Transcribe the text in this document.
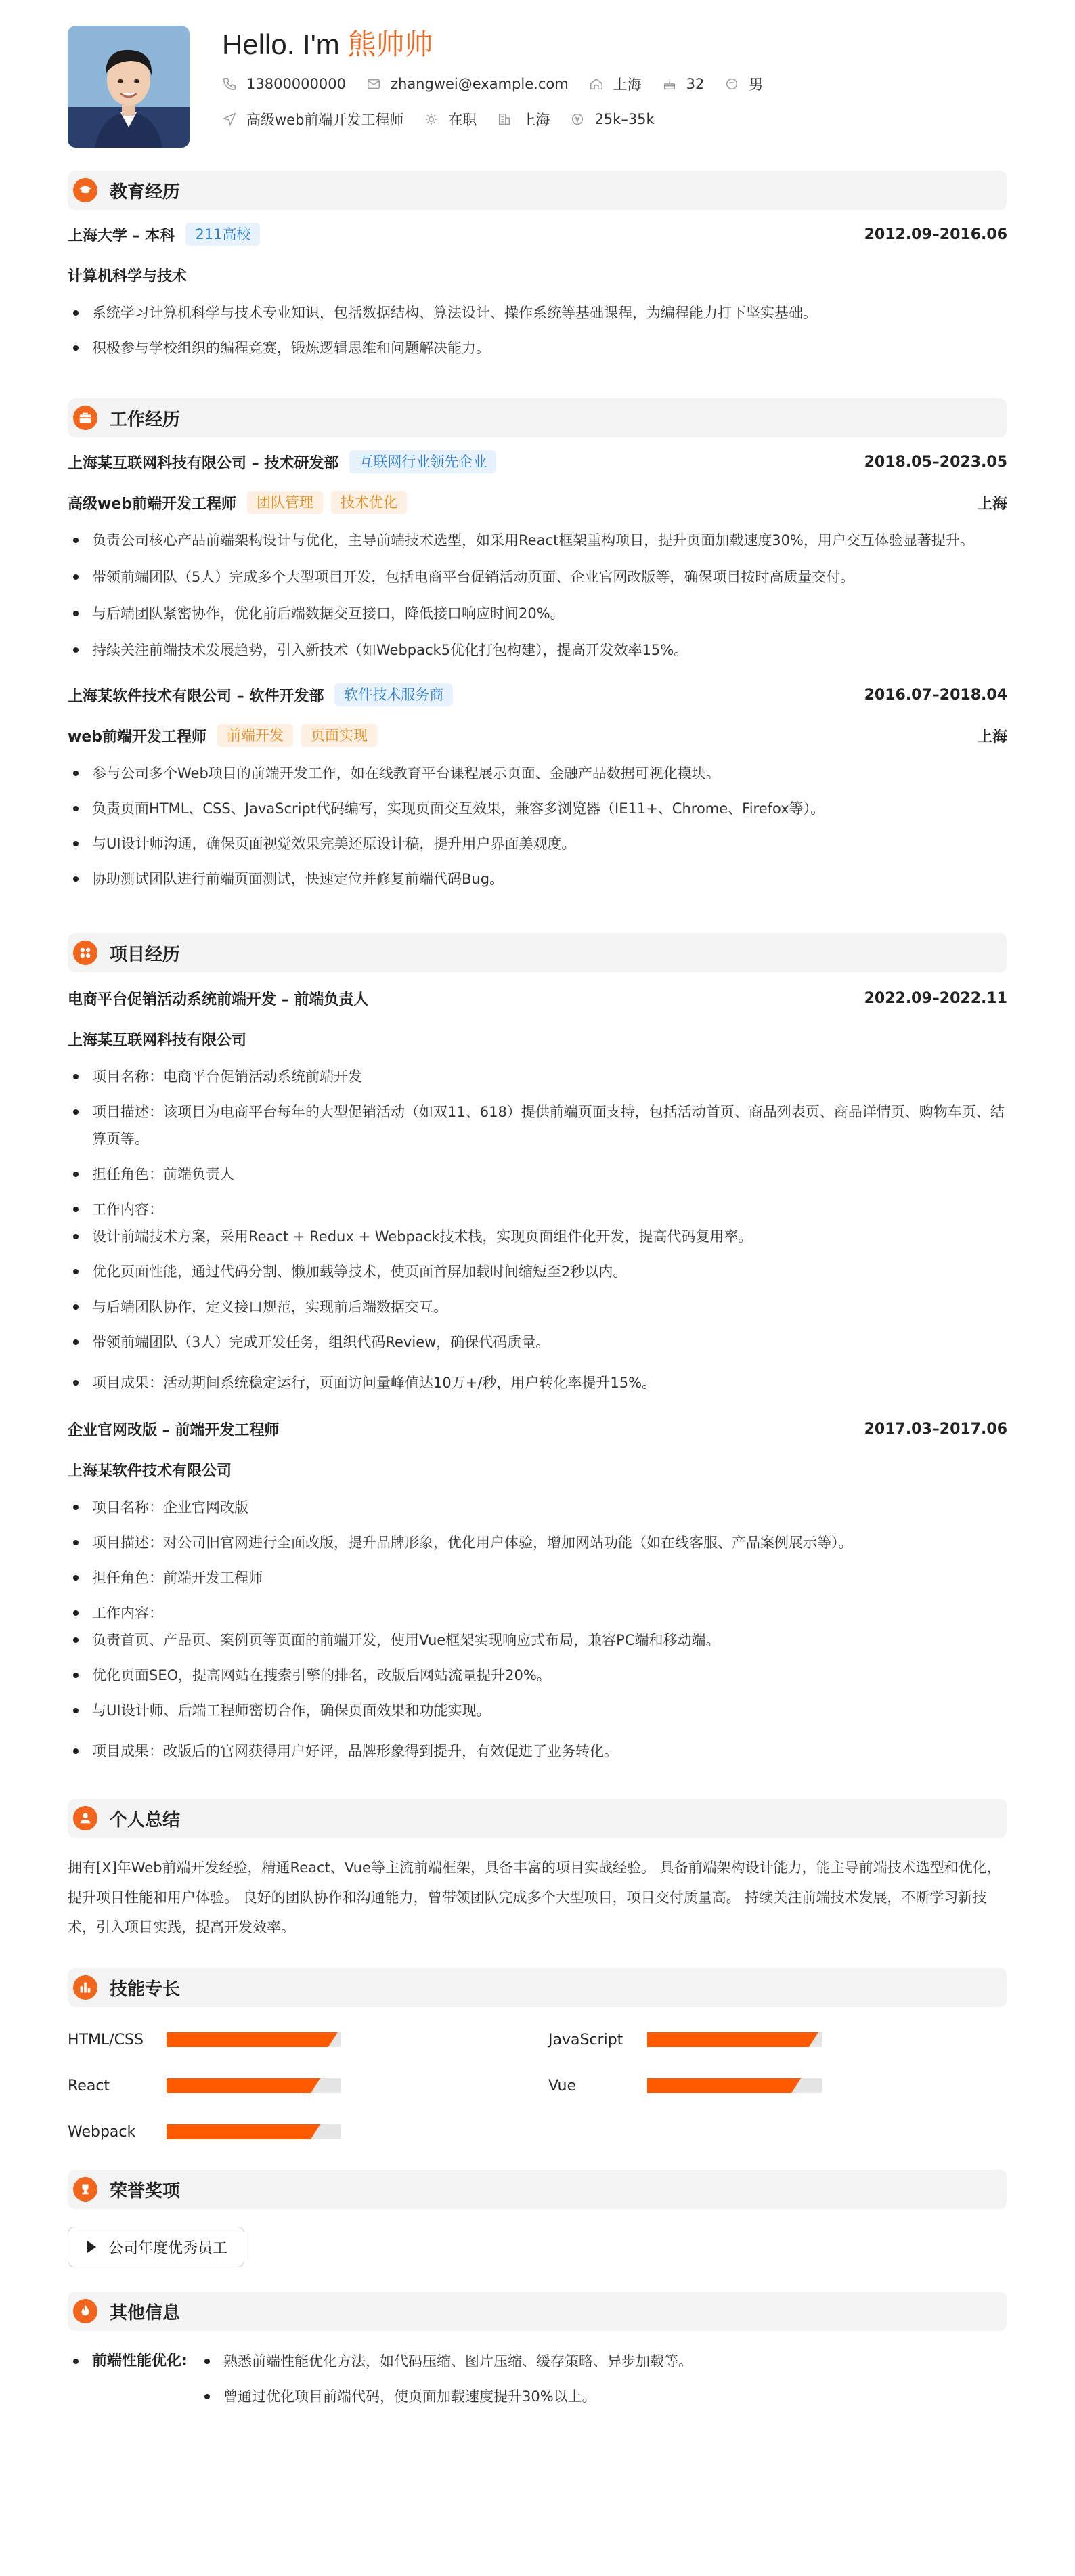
Hello. I'm 熊帅帅
13800000000	zhangwei@example.com	上海	32	男
高级web前端开发工程师	在职	上海	25k–35k
教育经历
上海大学 – 本科	211高校	2012.09–2016.06
计算机科学与技术
系统学习计算机科学与技术专业知识，包括数据结构、算法设计、操作系统等基础课程，为编程能力打下坚实基础。
积极参与学校组织的编程竞赛，锻炼逻辑思维和问题解决能力。
工作经历
上海某互联网科技有限公司 – 技术研发部	互联网行业领先企业	2018.05–2023.05
高级web前端开发工程师	团队管理	技术优化	上海
负责公司核心产品前端架构设计与优化，主导前端技术选型，如采用React框架重构项目，提升页面加载速度30%，用户交互体验显著提升。
带领前端团队（5人）完成多个大型项目开发，包括电商平台促销活动页面、企业官网改版等，确保项目按时高质量交付。
与后端团队紧密协作，优化前后端数据交互接口，降低接口响应时间20%。
持续关注前端技术发展趋势，引入新技术（如Webpack5优化打包构建），提高开发效率15%。
上海某软件技术有限公司 – 软件开发部	软件技术服务商	2016.07–2018.04
web前端开发工程师	前端开发	页面实现	上海
参与公司多个Web项目的前端开发工作，如在线教育平台课程展示页面、金融产品数据可视化模块。
负责页面HTML、CSS、JavaScript代码编写，实现页面交互效果，兼容多浏览器（IE11+、Chrome、Firefox等）。
与UI设计师沟通，确保页面视觉效果完美还原设计稿，提升用户界面美观度。
协助测试团队进行前端页面测试，快速定位并修复前端代码Bug。
项目经历
电商平台促销活动系统前端开发 – 前端负责人	2022.09–2022.11
上海某互联网科技有限公司
项目名称：电商平台促销活动系统前端开发
项目描述：该项目为电商平台每年的大型促销活动（如双11、618）提供前端页面支持，包括活动首页、商品列表页、商品详情页、购物车页、结算页等。
担任角色：前端负责人
工作内容：
设计前端技术方案，采用React + Redux + Webpack技术栈，实现页面组件化开发，提高代码复用率。
优化页面性能，通过代码分割、懒加载等技术，使页面首屏加载时间缩短至2秒以内。
与后端团队协作，定义接口规范，实现前后端数据交互。
带领前端团队（3人）完成开发任务，组织代码Review，确保代码质量。
项目成果：活动期间系统稳定运行，页面访问量峰值达10万+/秒，用户转化率提升15%。
企业官网改版 – 前端开发工程师	2017.03–2017.06
上海某软件技术有限公司
项目名称：企业官网改版
项目描述：对公司旧官网进行全面改版，提升品牌形象，优化用户体验，增加网站功能（如在线客服、产品案例展示等）。
担任角色：前端开发工程师
工作内容：
负责首页、产品页、案例页等页面的前端开发，使用Vue框架实现响应式布局，兼容PC端和移动端。
优化页面SEO，提高网站在搜索引擎的排名，改版后网站流量提升20%。
与UI设计师、后端工程师密切合作，确保页面效果和功能实现。
项目成果：改版后的官网获得用户好评，品牌形象得到提升，有效促进了业务转化。
个人总结
拥有[X]年Web前端开发经验，精通React、Vue等主流前端框架，具备丰富的项目实战经验。 具备前端架构设计能力，能主导前端技术选型和优化，提升项目性能和用户体验。 良好的团队协作和沟通能力，曾带领团队完成多个大型项目，项目交付质量高。 持续关注前端技术发展，不断学习新技术，引入项目实践，提高开发效率。
技能专长
HTML/CSS	JavaScript
React	Vue
Webpack
荣誉奖项
公司年度优秀员工
其他信息
前端性能优化:	熟悉前端性能优化方法，如代码压缩、图片压缩、缓存策略、异步加载等。
曾通过优化项目前端代码，使页面加载速度提升30%以上。
